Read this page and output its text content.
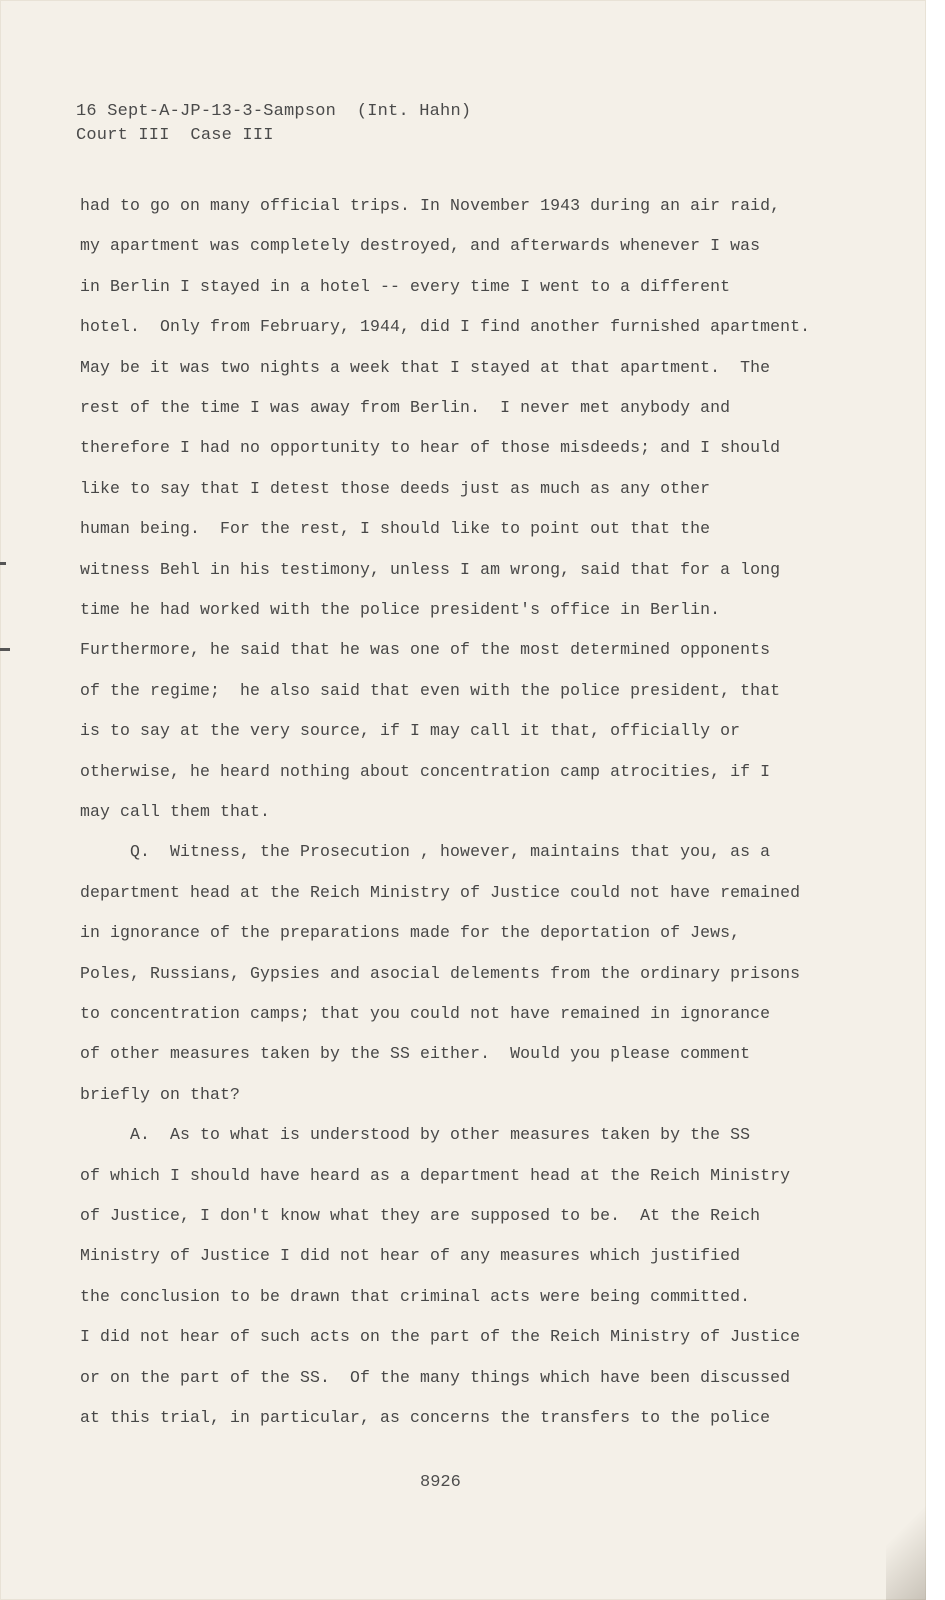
16 Sept-A-JP-13-3-Sampson  (Int. Hahn)
Court III  Case III
had to go on many official trips. In November 1943 during an air raid,
my apartment was completely destroyed, and afterwards whenever I was
in Berlin I stayed in a hotel -- every time I went to a different
hotel.  Only from February, 1944, did I find another furnished apartment.
May be it was two nights a week that I stayed at that apartment.  The
rest of the time I was away from Berlin.  I never met anybody and
therefore I had no opportunity to hear of those misdeeds; and I should
like to say that I detest those deeds just as much as any other
human being.  For the rest, I should like to point out that the
witness Behl in his testimony, unless I am wrong, said that for a long
time he had worked with the police president's office in Berlin.
Furthermore, he said that he was one of the most determined opponents
of the regime;  he also said that even with the police president, that
is to say at the very source, if I may call it that, officially or
otherwise, he heard nothing about concentration camp atrocities, if I
may call them that.
Q.  Witness, the Prosecution , however, maintains that you, as a
department head at the Reich Ministry of Justice could not have remained
in ignorance of the preparations made for the deportation of Jews,
Poles, Russians, Gypsies and asocial delements from the ordinary prisons
to concentration camps; that you could not have remained in ignorance
of other measures taken by the SS either.  Would you please comment
briefly on that?
A.  As to what is understood by other measures taken by the SS
of which I should have heard as a department head at the Reich Ministry
of Justice, I don't know what they are supposed to be.  At the Reich
Ministry of Justice I did not hear of any measures which justified
the conclusion to be drawn that criminal acts were being committed.
I did not hear of such acts on the part of the Reich Ministry of Justice
or on the part of the SS.  Of the many things which have been discussed
at this trial, in particular, as concerns the transfers to the police
8926
